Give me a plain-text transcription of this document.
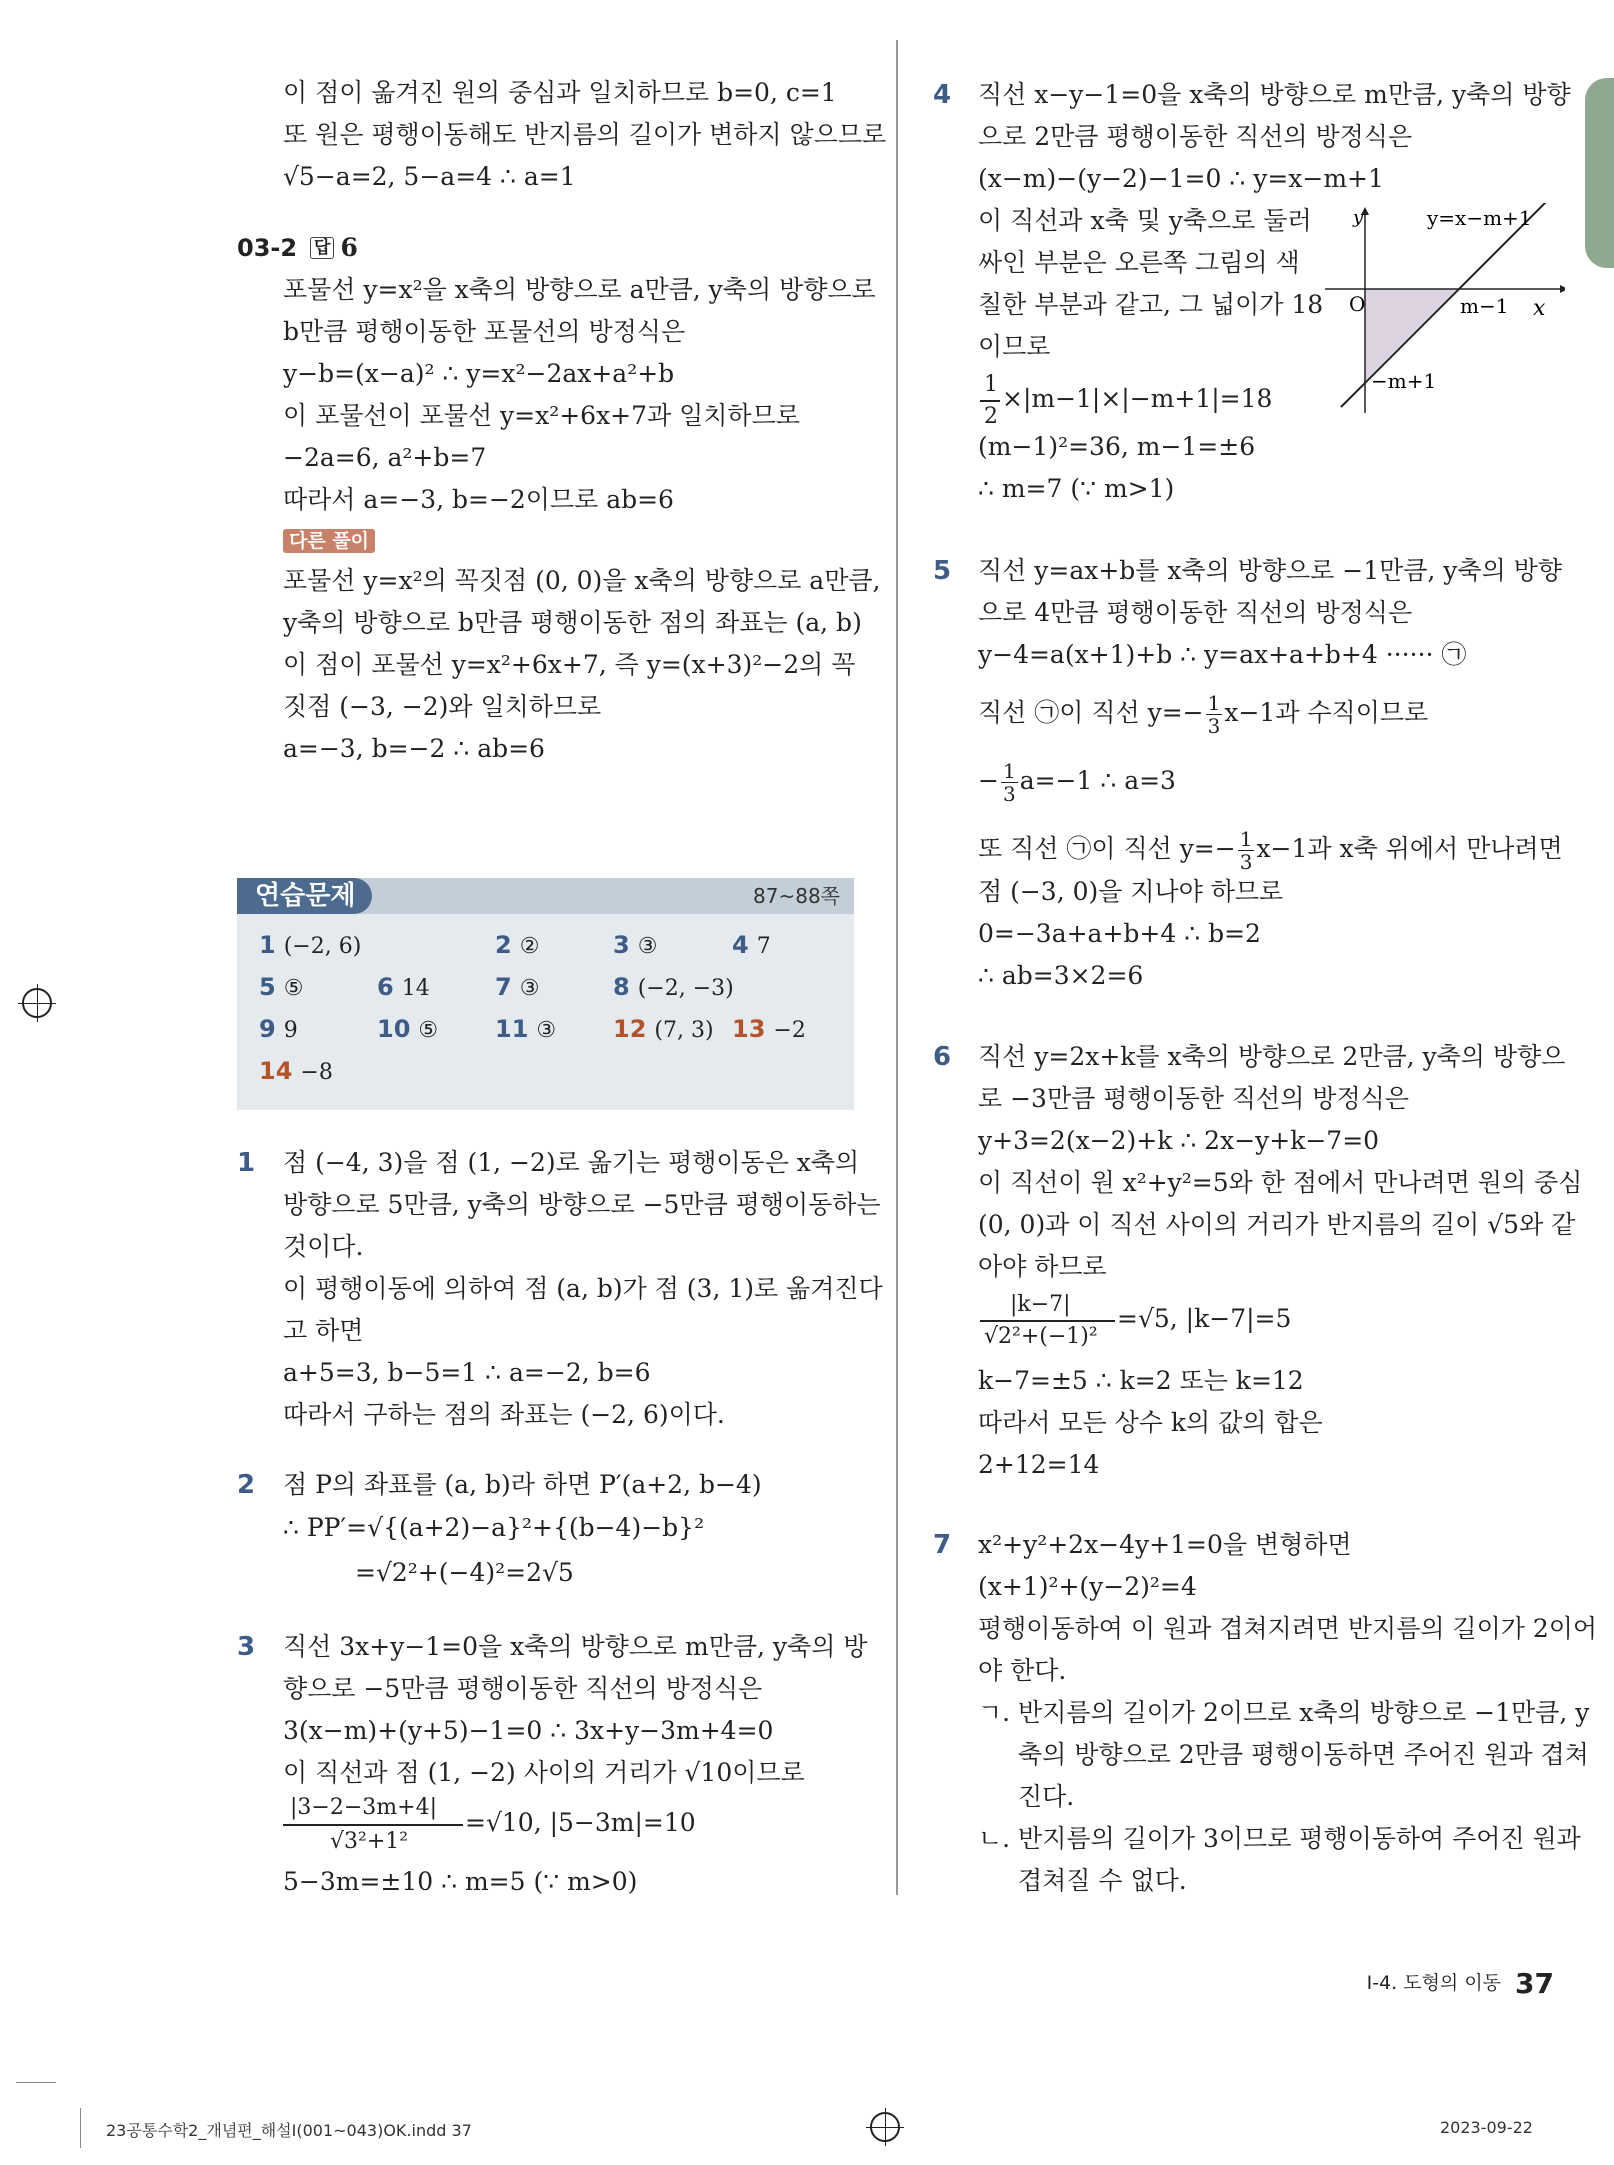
이 점이 옮겨진 원의 중심과 일치하므로 b=0, c=1
또 원은 평행이동해도 반지름의 길이가 변하지 않으므로
√5−a=2, 5−a=4 ∴ a=1
03-2 답 6
포물선 y=x²을 x축의 방향으로 a만큼, y축의 방향으로
b만큼 평행이동한 포물선의 방정식은
y−b=(x−a)² ∴ y=x²−2ax+a²+b
이 포물선이 포물선 y=x²+6x+7과 일치하므로
−2a=6, a²+b=7
따라서 a=−3, b=−2이므로 ab=6
다른 풀이
포물선 y=x²의 꼭짓점 (0, 0)을 x축의 방향으로 a만큼,
y축의 방향으로 b만큼 평행이동한 점의 좌표는 (a, b)
이 점이 포물선 y=x²+6x+7, 즉 y=(x+3)²−2의 꼭
짓점 (−3, −2)와 일치하므로
a=−3, b=−2 ∴ ab=6
연습문제	87~88쪽
1 (−2, 6)	2 ②	3 ③	4 7
5 ⑤	6 14	7 ③	8 (−2, −3)
9 9	10 ⑤ 11 ③ 12 (7, 3) 13 −2
14 −8
1 점 (−4, 3)을 점 (1, −2)로 옮기는 평행이동은 x축의
방향으로 5만큼, y축의 방향으로 −5만큼 평행이동하는
것이다.
이 평행이동에 의하여 점 (a, b)가 점 (3, 1)로 옮겨진다
고 하면
a+5=3, b−5=1 ∴ a=−2, b=6
따라서 구하는 점의 좌표는 (−2, 6)이다.
2 점 P의 좌표를 (a, b)라 하면 P′(a+2, b−4)
∴ PP′=√{(a+2)−a}²+{(b−4)−b}²
=√2²+(−4)²=2√5
3 직선 3x+y−1=0을 x축의 방향으로 m만큼, y축의 방
향으로 −5만큼 평행이동한 직선의 방정식은
3(x−m)+(y+5)−1=0 ∴ 3x+y−3m+4=0
이 직선과 점 (1, −2) 사이의 거리가 √10이므로
|3−2−3m+4|
√3²+1²
=√10, |5−3m|=10
5−3m=±10 ∴ m=5 (∵ m>0)
4 직선 x−y−1=0을 x축의 방향으로 m만큼, y축의 방향
으로 2만큼 평행이동한 직선의 방정식은
(x−m)−(y−2)−1=0 ∴ y=x−m+1
이 직선과 x축 및 y축으로 둘러
싸인 부분은 오른쪽 그림의 색
칠한 부분과 같고, 그 넓이가 18
이므로
1
2
×|m−1|×|−m+1|=18
(m−1)²=36, m−1=±6
∴ m=7 (∵ m>1)
y
x
O
y=x−m+1
m−1
−m+1
5 직선 y=ax+b를 x축의 방향으로 −1만큼, y축의 방향
으로 4만큼 평행이동한 직선의 방정식은
y−4=a(x+1)+b ∴ y=ax+a+b+4 ······ ㉠
직선 ㉠이 직선 $y=- \frac{1}{3} x-1$과 수직이므로
− $\frac{1}{3} a=-1$ ∴ a=3
또 직선 ㉠이 직선 $y=- \frac{1}{3} x-1$과 x축 위에서 만나려면
점 (−3, 0)을 지나야 하므로
0=−3a+a+b+4 ∴ b=2
∴ ab=3×2=6
6 직선 y=2x+k를 x축의 방향으로 2만큼, y축의 방향으
로 −3만큼 평행이동한 직선의 방정식은
y+3=2(x−2)+k ∴ 2x−y+k−7=0
이 직선이 원 x²+y²=5와 한 점에서 만나려면 원의 중심
(0, 0)과 이 직선 사이의 거리가 반지름의 길이 √5와 같
아야 하므로
|k−7|
√2²+(−1)²
=√5, |k−7|=5
k−7=±5 ∴ k=2 또는 k=12
따라서 모든 상수 k의 값의 합은
2+12=14
7 x²+y²+2x−4y+1=0을 변형하면
(x+1)²+(y−2)²=4
평행이동하여 이 원과 겹쳐지려면 반지름의 길이가 2이어
야 한다.
ㄱ. 반지름의 길이가 2이므로 x축의 방향으로 −1만큼, y
축의 방향으로 2만큼 평행이동하면 주어진 원과 겹쳐
진다.
ㄴ. 반지름의 길이가 3이므로 평행이동하여 주어진 원과
겹쳐질 수 없다.
I-4. 도형의 이동 37
23공통수학2_개념편_해설Ⅰ(001~043)OK.indd 37	2023-09-22
